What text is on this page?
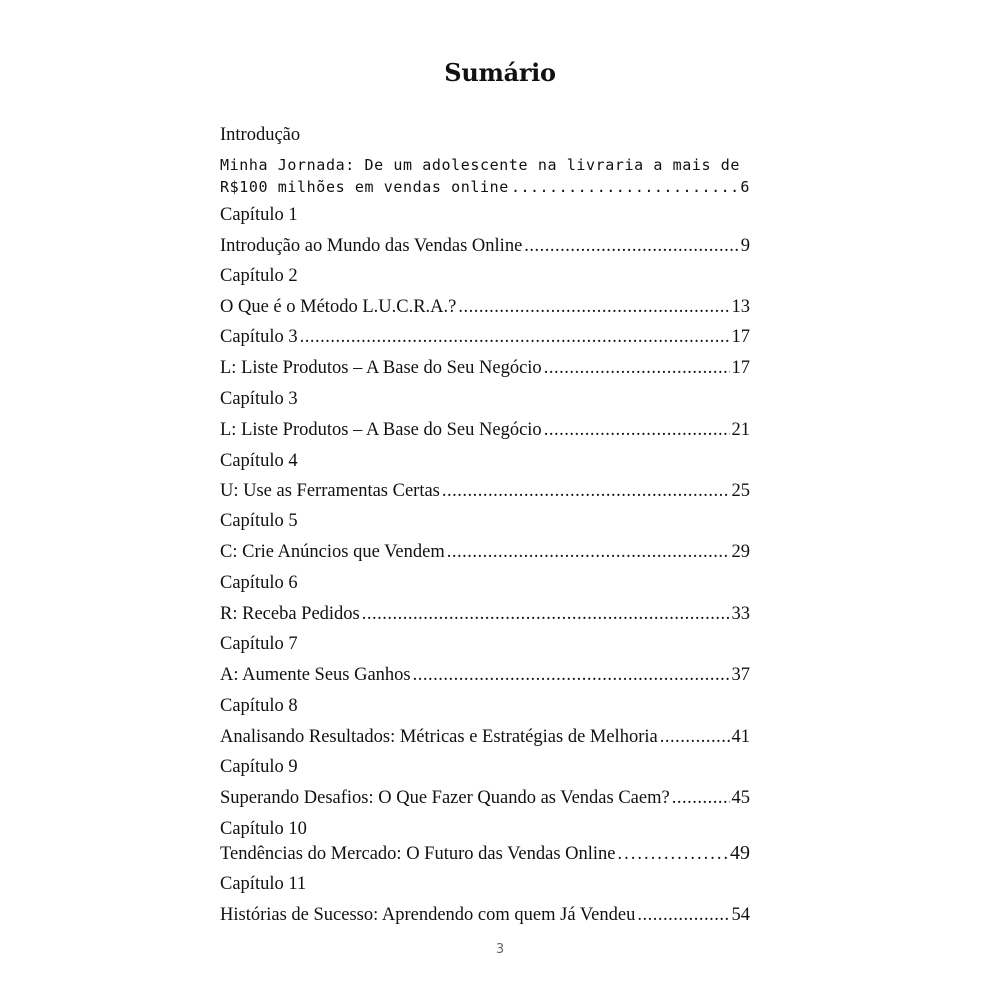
Sumário
Introdução
Minha Jornada: De um adolescente na livraria a mais de
R$100 milhões em vendas online .....	6
Capítulo 1
Introdução ao Mundo das Vendas Online .....	9
Capítulo 2
O Que é o Método L.U.C.R.A.? .....	13
Capítulo 3 .....	17
L: Liste Produtos – A Base do Seu Negócio .....	17
Capítulo 3
L: Liste Produtos – A Base do Seu Negócio .....	21
Capítulo 4
U: Use as Ferramentas Certas .....	25
Capítulo 5
C: Crie Anúncios que Vendem .....	29
Capítulo 6
R: Receba Pedidos .....	33
Capítulo 7
A: Aumente Seus Ganhos .....	37
Capítulo 8
Analisando Resultados: Métricas e Estratégias de Melhoria .....	41
Capítulo 9
Superando Desafios: O Que Fazer Quando as Vendas Caem? .....	45
Capítulo 10
Tendências do Mercado: O Futuro das Vendas Online .....	49
Capítulo 11
Histórias de Sucesso: Aprendendo com quem Já Vendeu .....	54
3
